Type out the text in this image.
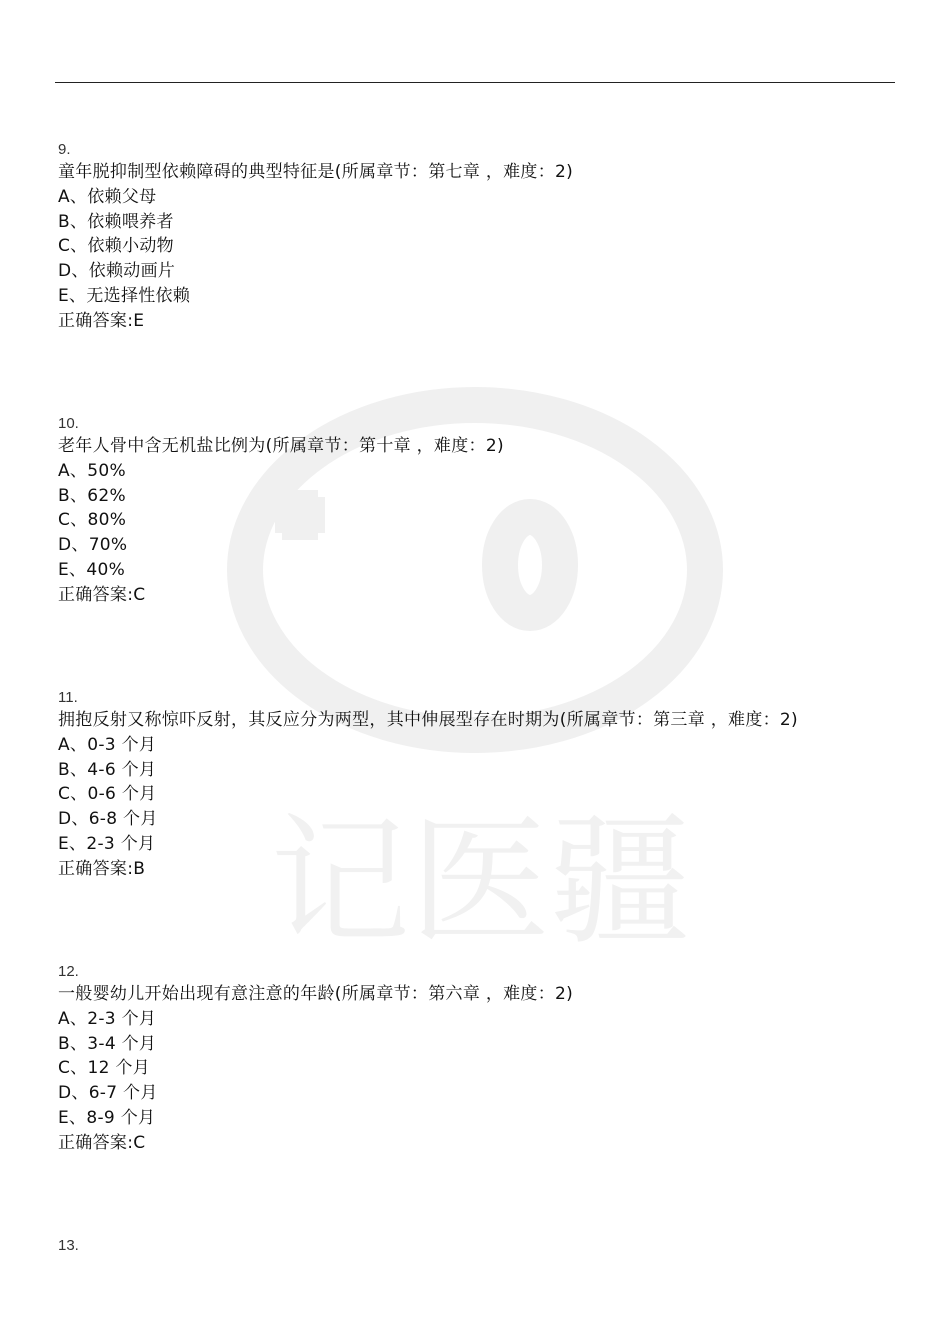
记医疆
9.
童年脱抑制型依赖障碍的典型特征是(所属章节：第七章 ，难度：2)
A、依赖父母
B、依赖喂养者
C、依赖小动物
D、依赖动画片
E、无选择性依赖
正确答案:E
10.
老年人骨中含无机盐比例为(所属章节：第十章 ，难度：2)
A、50%
B、62%
C、80%
D、70%
E、40%
正确答案:C
11.
拥抱反射又称惊吓反射，其反应分为两型，其中伸展型存在时期为(所属章节：第三章 ，难度：2)
A、0-3 个月
B、4-6 个月
C、0-6 个月
D、6-8 个月
E、2-3 个月
正确答案:B
12.
一般婴幼儿开始出现有意注意的年龄(所属章节：第六章 ，难度：2)
A、2-3 个月
B、3-4 个月
C、12 个月
D、6-7 个月
E、8-9 个月
正确答案:C
13.
